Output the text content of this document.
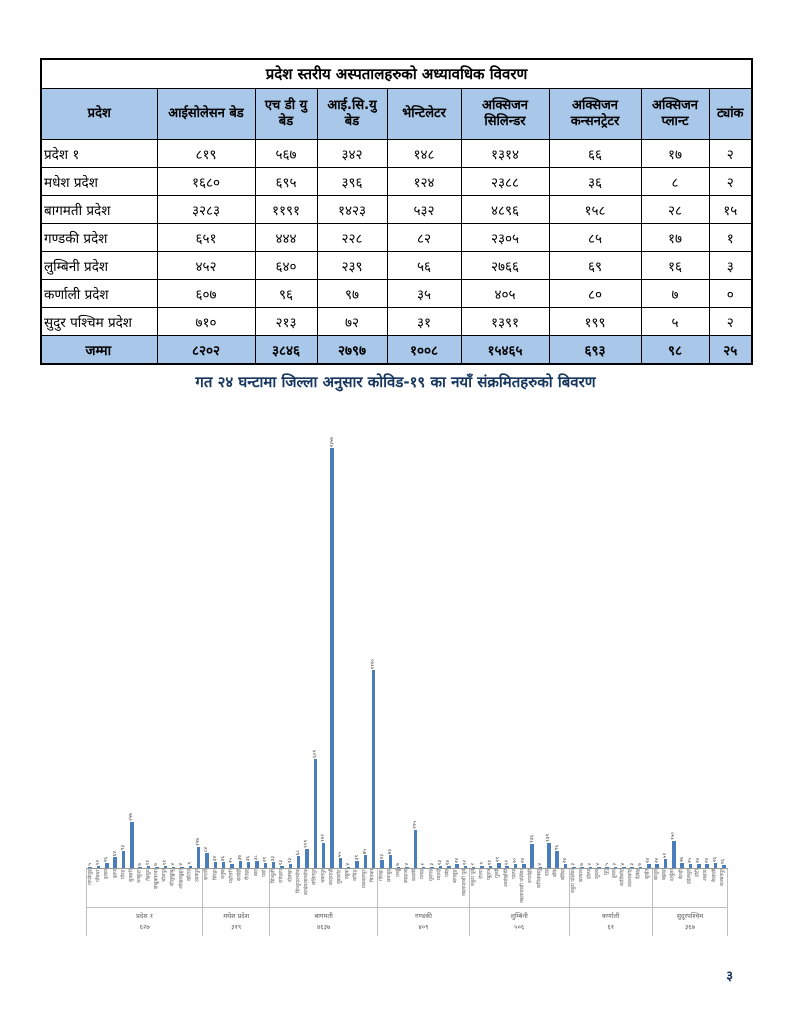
प्रदेश स्तरीय अस्पतालहरुको अध्यावधिक विवरण								
प्रदेश	आईसोलेसन बेड	एच डी यु बेड	आई.सि.यु बेड	भेन्टिलेटर	अक्सिजन सिलिन्डर	अक्सिजन कन्सनट्रेटर	अक्सिजन प्लान्ट	ट्यांक
प्रदेश १	८१९	५६७	३४२	१४८	१३१४	६६	१७	२
मधेश प्रदेश	१६८०	६९५	३९६	१२४	२३८८	३६	८	२
बागमती प्रदेश	३२८३	११९१	१४२३	५३२	४८९६	१५८	२८	१५
गण्डकी प्रदेश	६५१	४४४	२२८	८२	२३०५	८५	१७	१
लुम्बिनी प्रदेश	४५२	६४०	२३९	५६	२७६६	६९	१६	३
कर्णाली प्रदेश	६०७	९६	९७	३५	४०५	८०	७	०
सुदुर पश्चिम प्रदेश	७१०	२१३	७२	३१	१३९१	१९९	५	२
जम्मा	८२०२	३८४६	२७९७	१००८	१५४६५	६९३	९८	२५
गत २४ घन्टामा जिल्ला अनुसार कोविड-१९ का नयाँ संक्रमितहरुको बिवरण
५ १२
२६
६४
९३
२५७
७ ११ ७ ११ ४ ४ ९
११७
८४
३४ ३६ २५
३७ ३६ ३८ २९ ३३
१३ २३
६८
१०९
६०९
१४२
२३५७
५५
४
३९
७५
१११०
४३
७३
७ ४
२१५
१ ३ १३ १४ २४ १२ २ ९ ११
२९
१२ २० २४
१३६
४
१३९
९६
२४
३ ७ २ ४ ५ २ ४ ३ ७
२४ २४
५१
१५०
२७ २५ २४ २४ २६ १६
ताप्लेजुङ पाँचथर इलाम झापा मोरङ सुनसरी धनकुटा तेह्रथुम संखुवासभा भोजपुर सोलुखुम्बु ओखलढुङ्गा खोटाङ उदयपुर
प्रदेश १
६२७
सप्तरी सिरहा धनुषा महोत्तरी सर्लाही रौतहट बारा पर्सा
मधेश प्रदेश
३१९
सिन्धुली रामेछाप दोलखा सिन्धुपाल्चोक काभ्रेपलान्चोक ललितपुर भक्तपुर काठमाडौं नुवाकोट रसुवा धादिङ मकवानपुर चितवन
बागमती
४६३७
गोरखा लमजुङ तनहुँ स्याङजा कास्की मनाङ मुस्ताङ म्याग्दी पर्वत बागलुङ नवलपरासी पूर्व
गण्डकी
४०९
रुकुम पूर्व रोल्पा प्युठान गुल्मी अर्घाखाँची पाल्पा नवलपरासी पश्चिम रुपन्देही कपिलवस्तु दाङ बाँके बर्दिया
लुम्बिनी
५०६
रुकुम पश्चिम सल्यान डोल्पा जुम्ला मुगु हुम्ला कालिकोट जाजरकोट दैलेख सुर्खेत
कर्णाली
६१
बाजुरा बझाङ दार्चुला बैतडी डडेलधुरा डोटी अछाम कैलाली कञ्चनपुर
सुदूरपश्चिम
३६७
३
